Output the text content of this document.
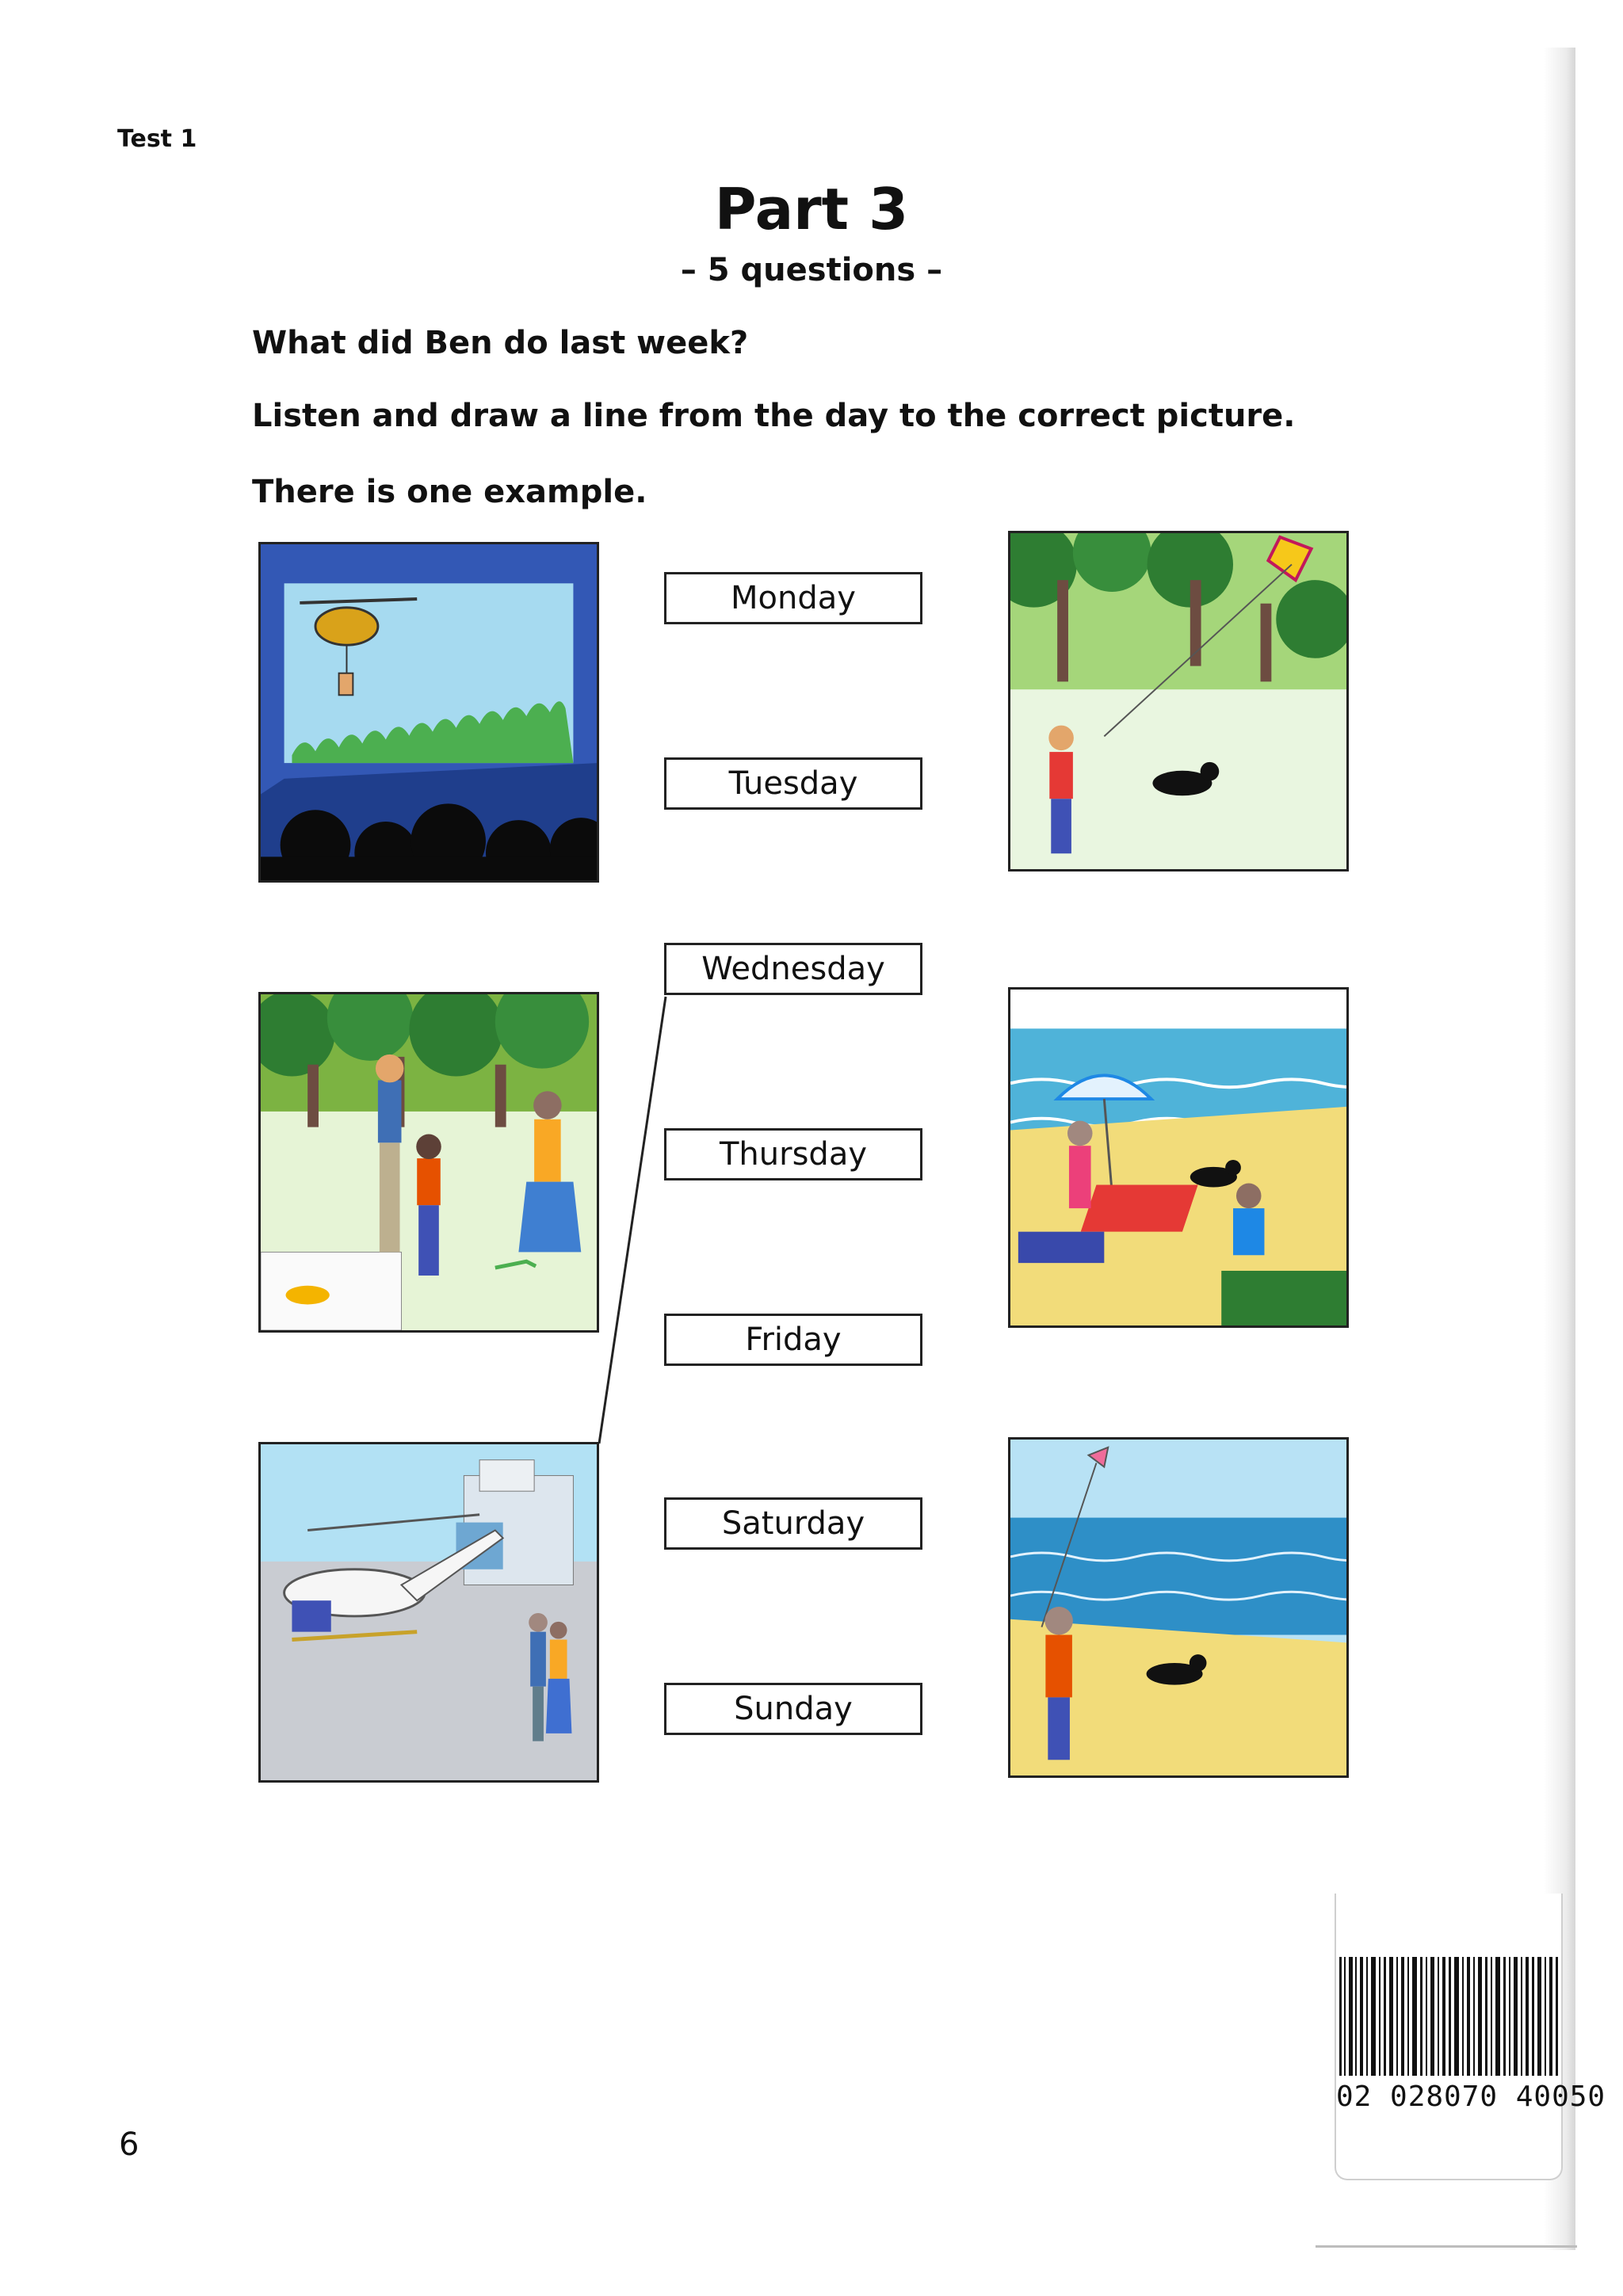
Test 1
Part 3
– 5 questions –
What did Ben do last week?
Listen and draw a line from the day to the correct picture.
There is one example.
Monday
Tuesday
Wednesday
Thursday
Friday
Saturday
Sunday
02 028070 40050
6
